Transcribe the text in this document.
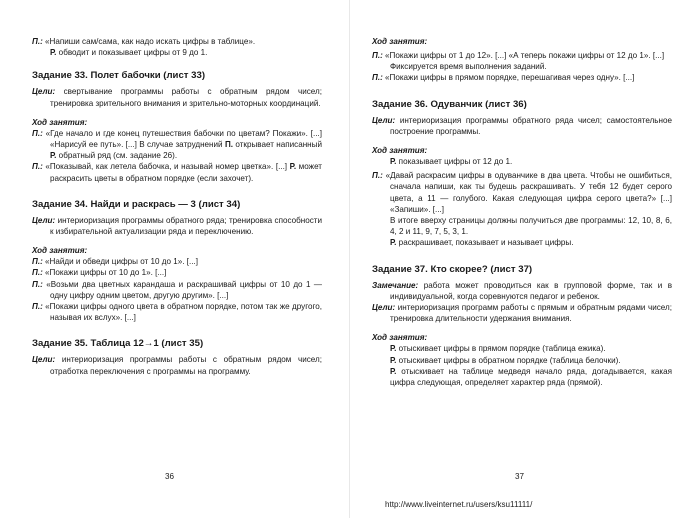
П.: «Напиши сам/сама, как надо искать цифры в таблице».

Р. обводит и показывает цифры от 9 до 1.

Задание 33. Полет бабочки (лист 33)

Цели: свертывание программы работы с обратным рядом чисел; тренировка зрительного внимания и зрительно-моторных координаций.

Ход занятия:

П.: «Где начало и где конец путешествия бабочки по цветам? Покажи». [...] «Нарисуй ее путь». [...] В случае затруднений П. открывает написанный Р. обратный ряд (см. задание 26).

П.: «Показывай, как летела бабочка, и называй номер цветка». [...] Р. может раскрасить цветы в обратном порядке (если захочет).

Задание 34. Найди и раскрась — 3 (лист 34)

Цели: интериоризация программы обратного ряда; тренировка способности к избирательной актуализации ряда и переключению.

Ход занятия:

П.: «Найди и обведи цифры от 10 до 1». [...]

П.: «Покажи цифры от 10 до 1». [...]

П.: «Возьми два цветных карандаша и раскрашивай цифры от 10 до 1 — одну цифру одним цветом, другую другим». [...]

П.: «Покажи цифры одного цвета в обратном порядке, потом так же другого, называя их вслух». [...]

Задание 35. Таблица 12→1 (лист 35)

Цели: интериоризация программы работы с обратным рядом чисел; отработка переключения с программы на программу.

36

Ход занятия:

П.: «Покажи цифры от 1 до 12». [...] «А теперь покажи цифры от 12 до 1». [...]

Фиксируется время выполнения заданий.

П.: «Покажи цифры в прямом порядке, перешагивая через одну». [...]

Задание 36. Одуванчик (лист 36)

Цели: интериоризация программы обратного ряда чисел; самостоятельное построение программы.

Ход занятия:

Р. показывает цифры от 12 до 1.

П.: «Давай раскрасим цифры в одуванчике в два цвета. Чтобы не ошибиться, сначала напиши, как ты будешь раскрашивать. У тебя 12 будет серого цвета, а 11 — голубого. Какая следующая цифра серого цвета?» [...] «Запиши». [...]

В итоге вверху страницы должны получиться две программы: 12, 10, 8, 6, 4, 2 и 11, 9, 7, 5, 3, 1.

Р. раскрашивает, показывает и называет цифры.

Задание 37. Кто скорее? (лист 37)

Замечание: работа может проводиться как в групповой форме, так и в индивидуальной, когда соревнуются педагог и ребенок.

Цели: интериоризация программ работы с прямым и обратным рядами чисел; тренировка длительности удержания внимания.

Ход занятия:

Р. отыскивает цифры в прямом порядке (таблица ежика).

Р. отыскивает цифры в обратном порядке (таблица белочки).

Р. отыскивает на таблице медведя начало ряда, догадывается, какая цифра следующая, определяет характер ряда (прямой).

37
http://www.liveinternet.ru/users/ksu11111/
